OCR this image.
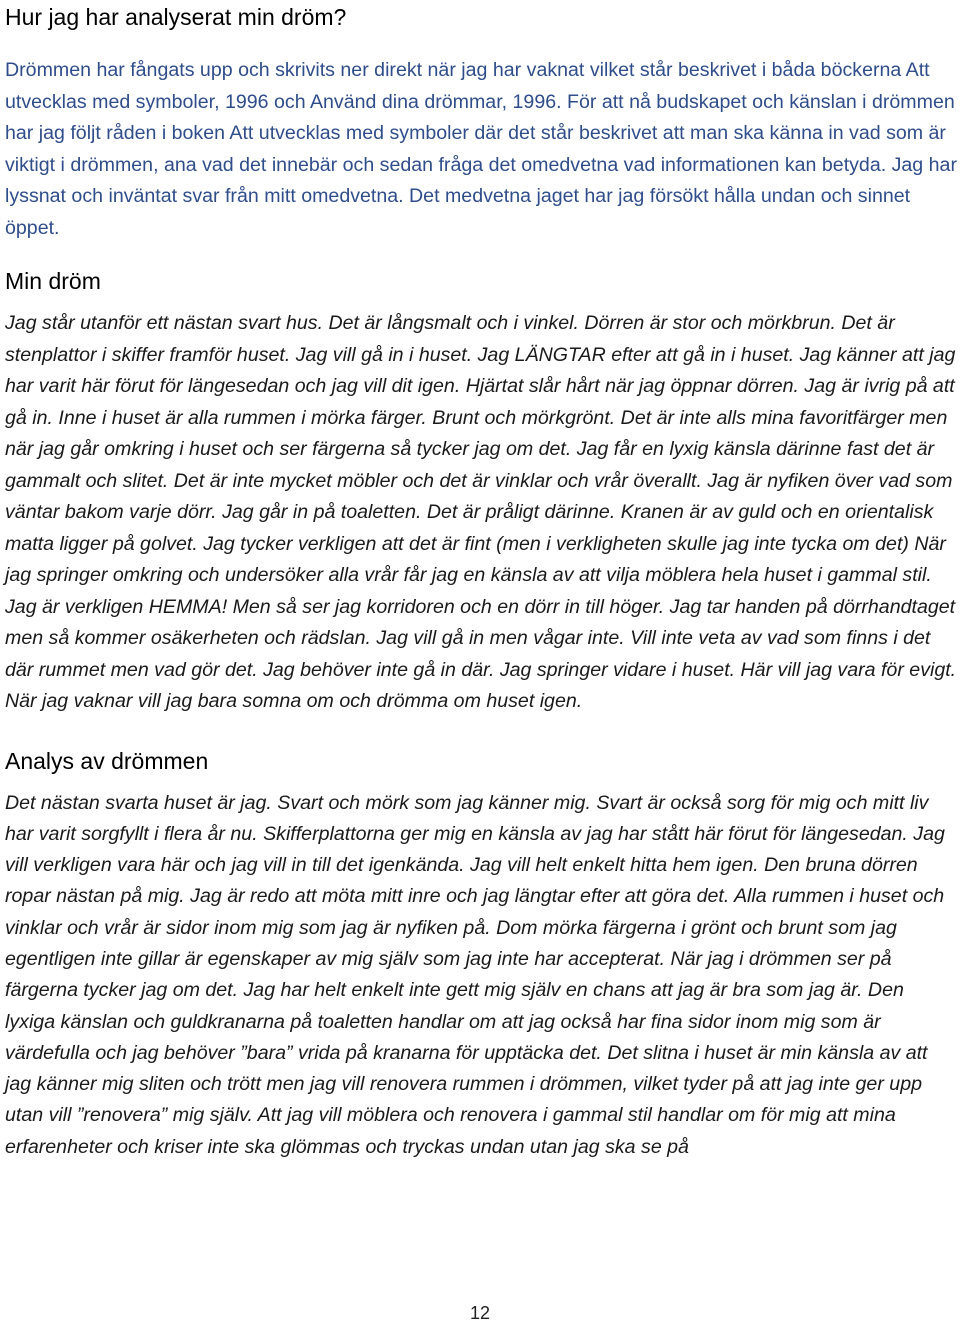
Hur jag har analyserat min dröm?

Drömmen har fångats upp och skrivits ner direkt när jag har vaknat vilket står beskrivet i båda böckerna Att utvecklas med symboler, 1996 och Använd dina drömmar, 1996. För att nå budskapet och känslan i drömmen har jag följt råden i boken Att utvecklas med symboler där det står beskrivet att man ska känna in vad som är viktigt i drömmen, ana vad det innebär och sedan fråga det omedvetna vad informationen kan betyda. Jag har lyssnat och inväntat svar från mitt omedvetna. Det medvetna jaget har jag försökt hålla undan och sinnet öppet.

Min dröm

Jag står utanför ett nästan svart hus. Det är långsmalt och i vinkel. Dörren är stor och mörkbrun. Det är stenplattor i skiffer framför huset. Jag vill gå in i huset. Jag LÄNGTAR efter att gå in i huset. Jag känner att jag har varit här förut för längesedan och jag vill dit igen. Hjärtat slår hårt när jag öppnar dörren. Jag är ivrig på att gå in. Inne i huset är alla rummen i mörka färger. Brunt och mörkgrönt. Det är inte alls mina favoritfärger men när jag går omkring i huset och ser färgerna så tycker jag om det. Jag får en lyxig känsla därinne fast det är gammalt och slitet. Det är inte mycket möbler och det är vinklar och vrår överallt. Jag är nyfiken över vad som väntar bakom varje dörr. Jag går in på toaletten. Det är pråligt därinne. Kranen är av guld och en orientalisk matta ligger på golvet. Jag tycker verkligen att det är fint (men i verkligheten skulle jag inte tycka om det) När jag springer omkring och undersöker alla vrår får jag en känsla av att vilja möblera hela huset i gammal stil. Jag är verkligen HEMMA! Men så ser jag korridoren och en dörr in till höger. Jag tar handen på dörrhandtaget men så kommer osäkerheten och rädslan. Jag vill gå in men vågar inte. Vill inte veta av vad som finns i det där rummet men vad gör det. Jag behöver inte gå in där. Jag springer vidare i huset. Här vill jag vara för evigt. När jag vaknar vill jag bara somna om och drömma om huset igen.

Analys av drömmen

Det nästan svarta huset är jag. Svart och mörk som jag känner mig. Svart är också sorg för mig och mitt liv har varit sorgfyllt i flera år nu. Skifferplattorna ger mig en känsla av jag har stått här förut för längesedan. Jag vill verkligen vara här och jag vill in till det igenkända. Jag vill helt enkelt hitta hem igen. Den bruna dörren ropar nästan på mig. Jag är redo att möta mitt inre och jag längtar efter att göra det. Alla rummen i huset och vinklar och vrår är sidor inom mig som jag är nyfiken på. Dom mörka färgerna i grönt och brunt som jag egentligen inte gillar är egenskaper av mig själv som jag inte har accepterat. När jag i drömmen ser på färgerna tycker jag om det. Jag har helt enkelt inte gett mig själv en chans att jag är bra som jag är. Den lyxiga känslan och guldkranarna på toaletten handlar om att jag också har fina sidor inom mig som är värdefulla och jag behöver ”bara” vrida på kranarna för upptäcka det. Det slitna i huset är min känsla av att jag känner mig sliten och trött men jag vill renovera rummen i drömmen, vilket tyder på att jag inte ger upp utan vill ”renovera” mig själv. Att jag vill möblera och renovera i gammal stil handlar om för mig att mina erfarenheter och kriser inte ska glömmas och tryckas undan utan jag ska se på

12
